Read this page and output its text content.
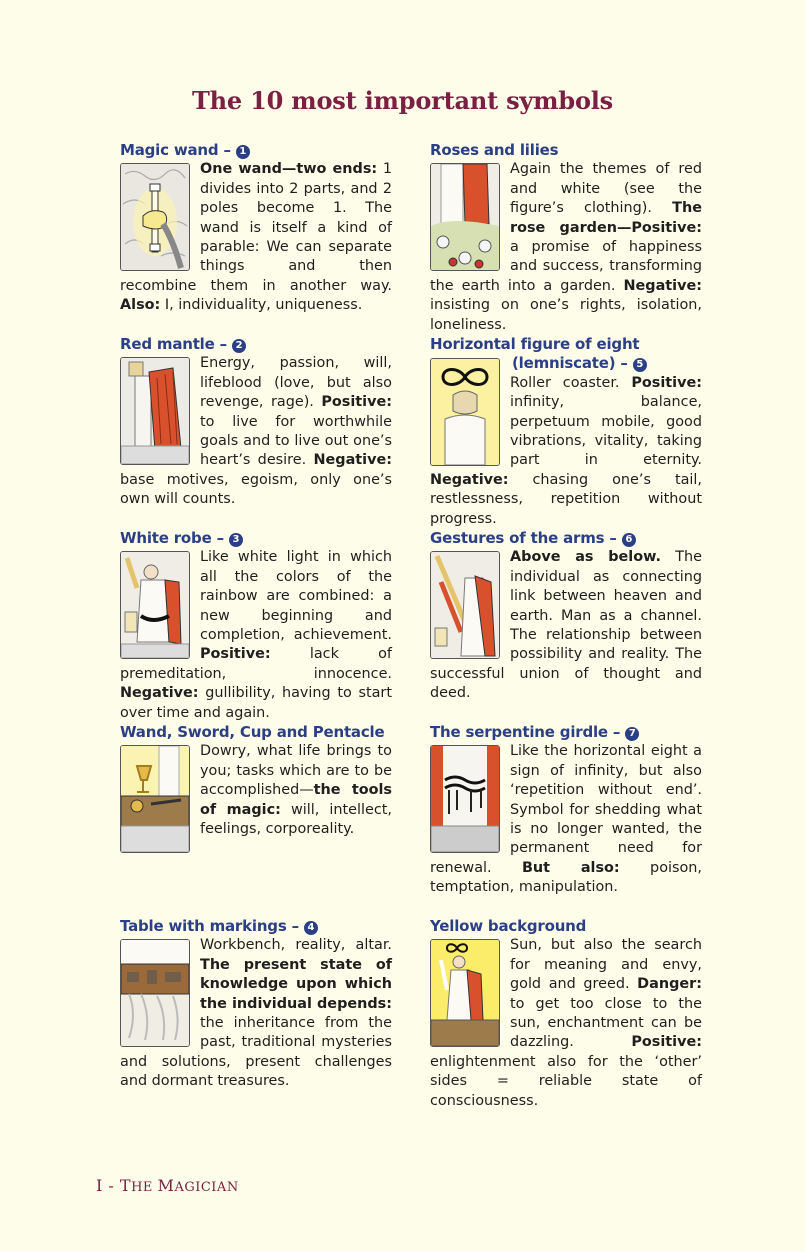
The 10 most important symbols
Magic wand – 1
One wand—two ends: 1 divides into 2 parts, and 2 poles become 1. The wand is itself a kind of parable: We can separate things and then recombine them in another way. Also: I, individuality, uniqueness.
Red mantle – 2
Energy, passion, will, lifeblood (love, but also revenge, rage). Positive: to live for worthwhile goals and to live out one’s heart’s desire. Negative: base motives, egoism, only one’s own will counts.
White robe – 3
Like white light in which all the colors of the rainbow are combined: a new beginning and completion, achievement. Positive: lack of premeditation, innocence. Negative: gullibility, having to start over time and again.
Wand, Sword, Cup and Pentacle
Dowry, what life brings to you; tasks which are to be accomplished—the tools of magic: will, intellect, feelings, corporeality.
Table with markings – 4
Workbench, reality, altar. The present state of knowledge upon which the individual depends: the inheritance from the past, traditional mysteries and solutions, present challenges and dormant treasures.
Roses and lilies
Again the themes of red and white (see the figure’s clothing). The rose garden—Positive: a promise of happiness and success, transforming the earth into a garden. Negative: insisting on one’s rights, isolation, loneliness.
Horizontal figure of eight
(lemniscate) – 5
Roller coaster. Positive: infinity, balance, perpetuum mobile, good vibrations, vitality, taking part in eternity. Negative: chasing one’s tail, restlessness, repetition without progress.
Gestures of the arms – 6
Above as below. The individual as connecting link between heaven and earth. Man as a channel. The relationship between possibility and reality. The successful union of thought and deed.
The serpentine girdle – 7
Like the horizontal eight a sign of infinity, but also ‘repetition without end’. Symbol for shedding what is no longer wanted, the permanent need for renewal. But also: poison, temptation, manipulation.
Yellow background
Sun, but also the search for meaning and envy, gold and greed. Danger: to get too close to the sun, enchantment can be dazzling. Positive: enlightenment also for the ‘other’ sides = reliable state of consciousness.
I - THE MAGICIAN
